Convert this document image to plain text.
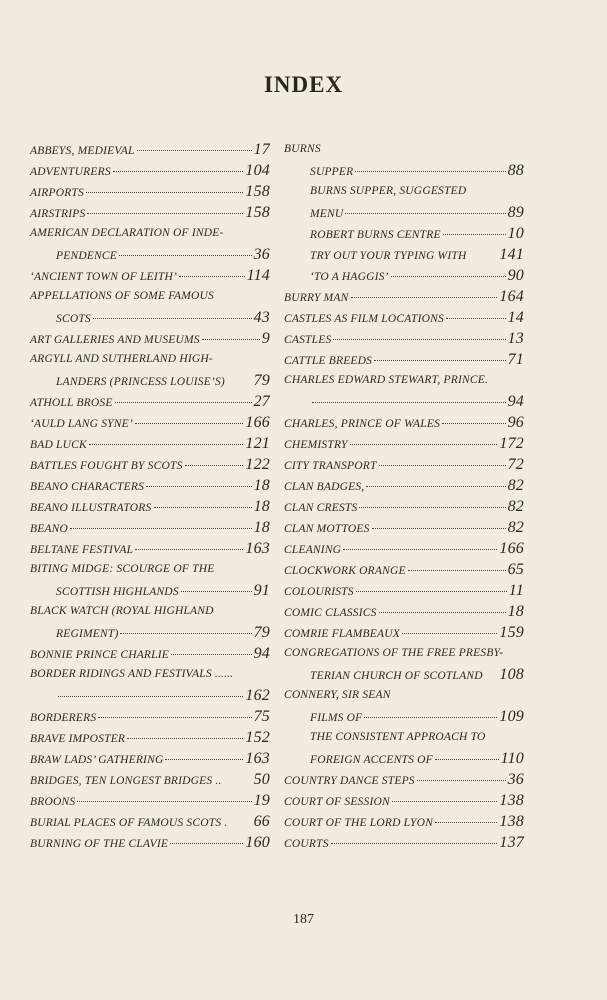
INDEX
ABBEYS, MEDIEVAL	17
ADVENTURERS	104
AIRPORTS	158
AIRSTRIPS	158
AMERICAN DECLARATION OF INDE-
PENDENCE	36
‘ANCIENT TOWN OF LEITH’	114
APPELLATIONS OF SOME FAMOUS
SCOTS	43
ART GALLERIES AND MUSEUMS	9
ARGYLL AND SUTHERLAND HIGH-
LANDERS (PRINCESS LOUISE’S) 79
ATHOLL BROSE	27
‘AULD LANG SYNE’	166
BAD LUCK	121
BATTLES FOUGHT BY SCOTS	122
BEANO CHARACTERS	18
BEANO ILLUSTRATORS	18
BEANO	18
BELTANE FESTIVAL	163
BITING MIDGE: SCOURGE OF THE
SCOTTISH HIGHLANDS	91
BLACK WATCH (ROYAL HIGHLAND
REGIMENT)	79
BONNIE PRINCE CHARLIE	94
BORDER RIDINGS AND FESTIVALS ......
162
BORDERERS	75
BRAVE IMPOSTER	152
BRAW LADS’ GATHERING	163
BRIDGES, TEN LONGEST BRIDGES .. 50
BROONS	19
BURIAL PLACES OF FAMOUS SCOTS . 66
BURNING OF THE CLAVIE	160
BURNS
SUPPER	88
BURNS SUPPER, SUGGESTED
MENU	89
ROBERT BURNS CENTRE	10
TRY OUT YOUR TYPING WITH 141
‘TO A HAGGIS’	90
BURRY MAN	164
CASTLES AS FILM LOCATIONS	14
CASTLES	13
CATTLE BREEDS	71
CHARLES EDWARD STEWART, PRINCE.
94
CHARLES, PRINCE OF WALES	96
CHEMISTRY	172
CITY TRANSPORT	72
CLAN BADGES,	82
CLAN CRESTS	82
CLAN MOTTOES	82
CLEANING	166
CLOCKWORK ORANGE	65
COLOURISTS	11
COMIC CLASSICS	18
COMRIE FLAMBEAUX	159
CONGREGATIONS OF THE FREE PRESBY-
TERIAN CHURCH OF SCOTLAND 108
CONNERY, SIR SEAN
FILMS OF	109
THE CONSISTENT APPROACH TO
FOREIGN ACCENTS OF	110
COUNTRY DANCE STEPS	36
COURT OF SESSION	138
COURT OF THE LORD LYON	138
COURTS	137
187
